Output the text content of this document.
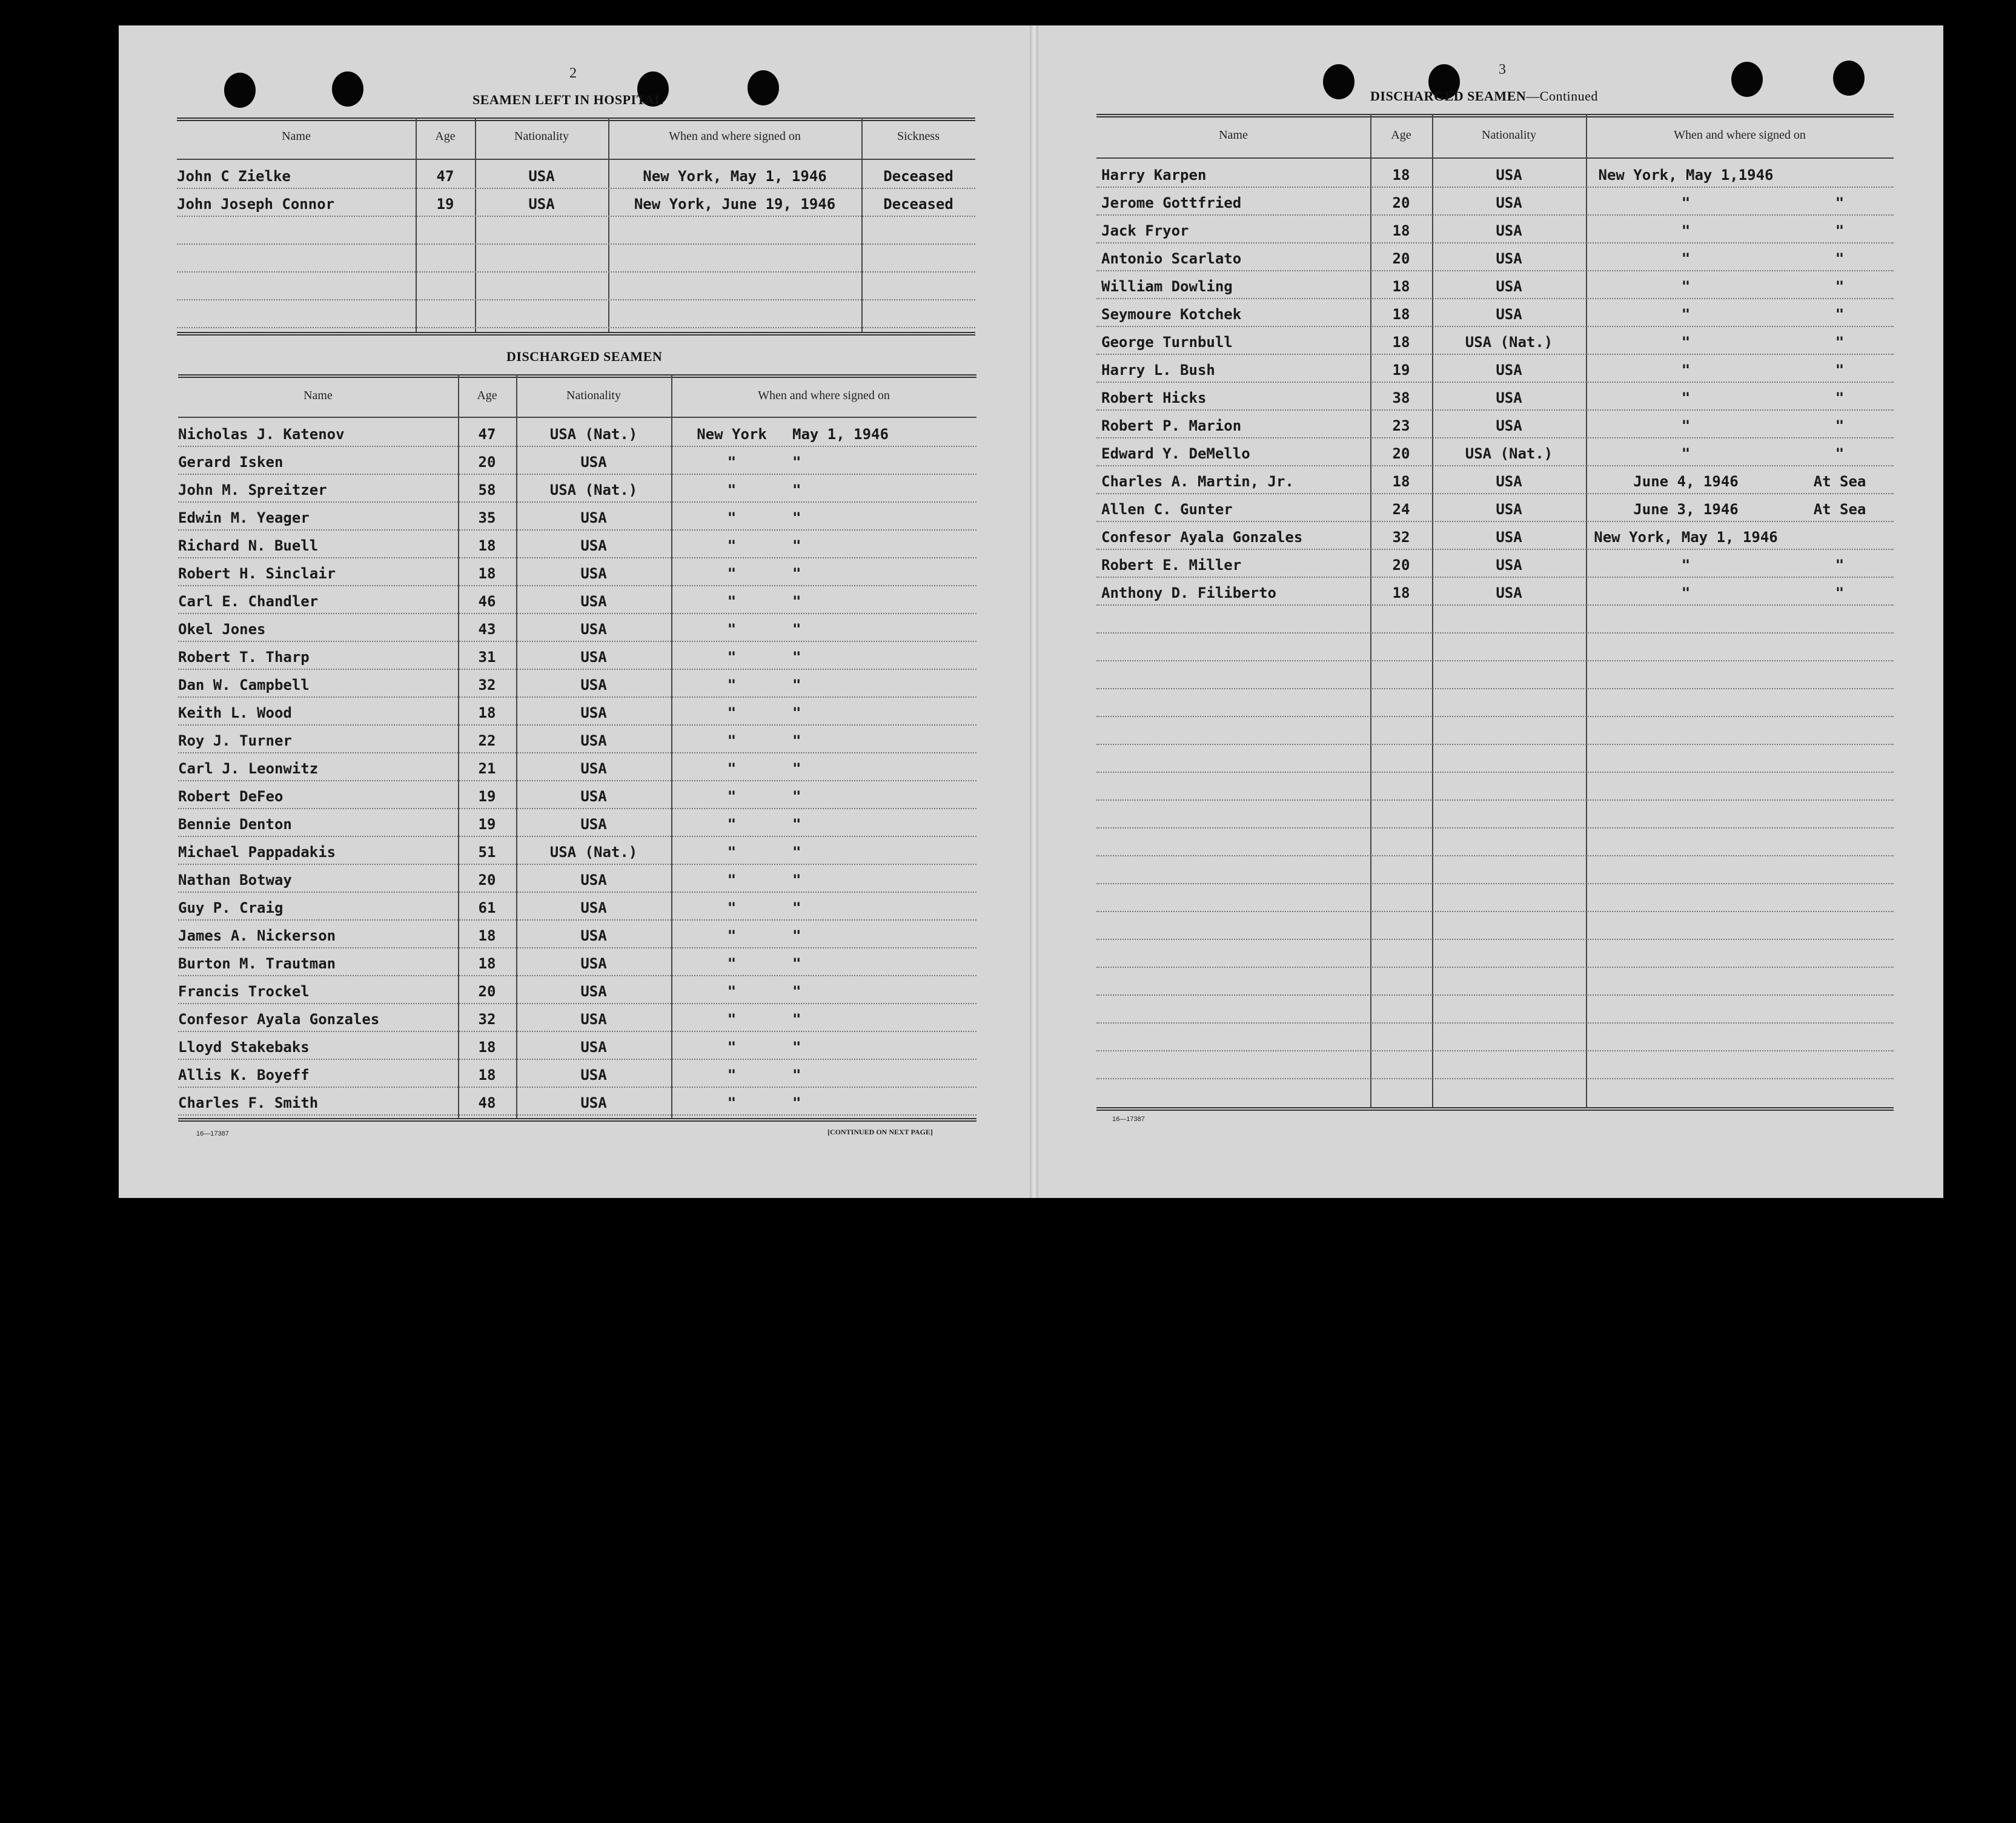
2
SEAMEN LEFT IN HOSPITAL
Name	Age	Nationality	When and where signed on	Sickness
John C Zielke	47	USA	New York, May 1, 1946	Deceased
John Joseph Connor	19	USA	New York, June 19, 1946	Deceased
DISCHARGED SEAMEN
Name	Age	Nationality	When and where signed on
Nicholas J. Katenov	47	USA (Nat.)	New York	May 1, 1946
Gerard Isken	20	USA	"	"
John M. Spreitzer	58	USA (Nat.)	"	"
Edwin M. Yeager	35	USA	"	"
Richard N. Buell	18	USA	"	"
Robert H. Sinclair	18	USA	"	"
Carl E. Chandler	46	USA	"	"
Okel Jones	43	USA	"	"
Robert T. Tharp	31	USA	"	"
Dan W. Campbell	32	USA	"	"
Keith L. Wood	18	USA	"	"
Roy J. Turner	22	USA	"	"
Carl J. Leonwitz	21	USA	"	"
Robert DeFeo	19	USA	"	"
Bennie Denton	19	USA	"	"
Michael Pappadakis	51	USA (Nat.)	"	"
Nathan Botway	20	USA	"	"
Guy P. Craig	61	USA	"	"
James A. Nickerson	18	USA	"	"
Burton M. Trautman	18	USA	"	"
Francis Trockel	20	USA	"	"
Confesor Ayala Gonzales	32	USA	"	"
Lloyd Stakebaks	18	USA	"	"
Allis K. Boyeff	18	USA	"	"
Charles F. Smith	48	USA	"	"
16—17387	[CONTINUED ON NEXT PAGE]
3
DISCHARGED SEAMEN—Continued
Name	Age	Nationality	When and where signed on
Harry Karpen	18	USA	New York, May 1,1946
Jerome Gottfried	20	USA	"	"
Jack Fryor	18	USA	"	"
Antonio Scarlato	20	USA	"	"
William Dowling	18	USA	"	"
Seymoure Kotchek	18	USA	"	"
George Turnbull	18	USA (Nat.)	"	"
Harry L. Bush	19	USA	"	"
Robert Hicks	38	USA	"	"
Robert P. Marion	23	USA	"	"
Edward Y. DeMello	20	USA (Nat.)	"	"
Charles A. Martin, Jr.	18	USA	June 4, 1946	At Sea
Allen C. Gunter	24	USA	June 3, 1946	At Sea
Confesor Ayala Gonzales	32	USA	New York, May 1, 1946
Robert E. Miller	20	USA	"	"
Anthony D. Filiberto	18	USA	"	"
16—17387
